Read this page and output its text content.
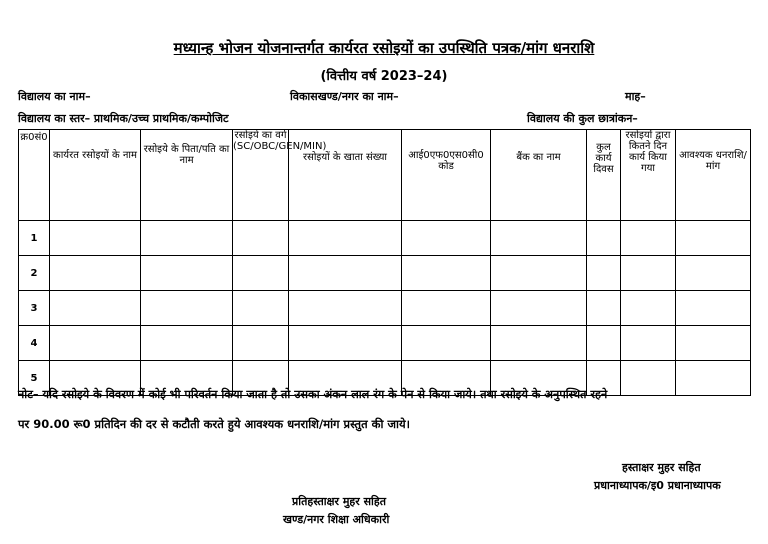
मध्यान्ह भोजन योजनान्तर्गत कार्यरत रसोइयों का उपस्थिति पत्रक/मांग धनराशि
(वित्तीय वर्ष 2023–24)
विद्यालय का नाम–	विकासखण्ड/नगर का नाम–	माह–
विद्यालय का स्तर– प्राथमिक/उच्च प्राथमिक/कम्पोजिट	विद्यालय की कुल छात्रांकन–
क्र0सं0	कार्यरत रसोइयों के नाम	रसोइये के पिता/पति का नाम	रसोइये का वर्ग (SC/OBC/GEN/MIN)	रसोइयों के खाता संख्या	आई0एफ0एस0सी0 कोड	बैंक का नाम	कुल कार्य दिवस	रसोइयों द्वारा कितने दिन कार्य किया गया	आवश्यक धनराशि/ मांग
1									
2									
3									
4									
5									
नोट– यदि रसोइये के विवरण में कोई भी परिवर्तन किया जाता है तो उसका अंकन लाल रंग के पेन से किया जाये। तथा रसोइये के अनुपस्थित रहने
पर 90.00 रू0 प्रतिदिन की दर से कटौती करते हुये आवश्यक धनराशि/मांग प्रस्तुत की जाये।
हस्ताक्षर मुहर सहित
प्रधानाध्यापक/इ0 प्रधानाध्यापक
प्रतिहस्ताक्षर मुहर सहित
खण्ड/नगर शिक्षा अधिकारी
